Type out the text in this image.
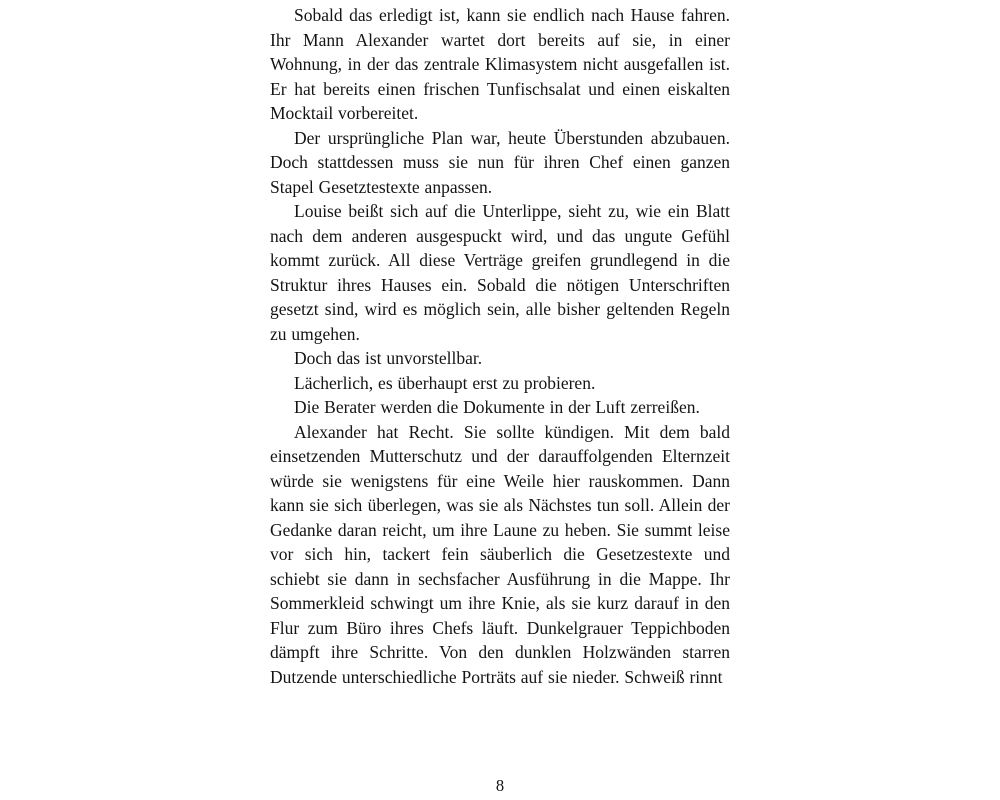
Sobald das erledigt ist, kann sie endlich nach Hause fahren. Ihr Mann Alexander wartet dort bereits auf sie, in einer Wohnung, in der das zentrale Klimasystem nicht ausgefallen ist. Er hat bereits einen frischen Tunfischsalat und einen eiskalten Mocktail vorbereitet.

Der ursprüngliche Plan war, heute Überstunden abzubauen. Doch stattdessen muss sie nun für ihren Chef einen ganzen Stapel Gesetztestexte anpassen.

Louise beißt sich auf die Unterlippe, sieht zu, wie ein Blatt nach dem anderen ausgespuckt wird, und das ungute Gefühl kommt zurück. All diese Verträge greifen grundlegend in die Struktur ihres Hauses ein. Sobald die nötigen Unterschriften gesetzt sind, wird es möglich sein, alle bisher geltenden Regeln zu umgehen.

Doch das ist unvorstellbar.

Lächerlich, es überhaupt erst zu probieren.

Die Berater werden die Dokumente in der Luft zerreißen.

Alexander hat Recht. Sie sollte kündigen. Mit dem bald einsetzenden Mutterschutz und der darauffolgenden Elternzeit würde sie wenigstens für eine Weile hier rauskommen. Dann kann sie sich überlegen, was sie als Nächstes tun soll. Allein der Gedanke daran reicht, um ihre Laune zu heben. Sie summt leise vor sich hin, tackert fein säuberlich die Gesetzestexte und schiebt sie dann in sechsfacher Ausführung in die Mappe. Ihr Sommerkleid schwingt um ihre Knie, als sie kurz darauf in den Flur zum Büro ihres Chefs läuft. Dunkelgrauer Teppichboden dämpft ihre Schritte. Von den dunklen Holzwänden starren Dutzende unterschiedliche Porträts auf sie nieder. Schweiß rinnt

8
